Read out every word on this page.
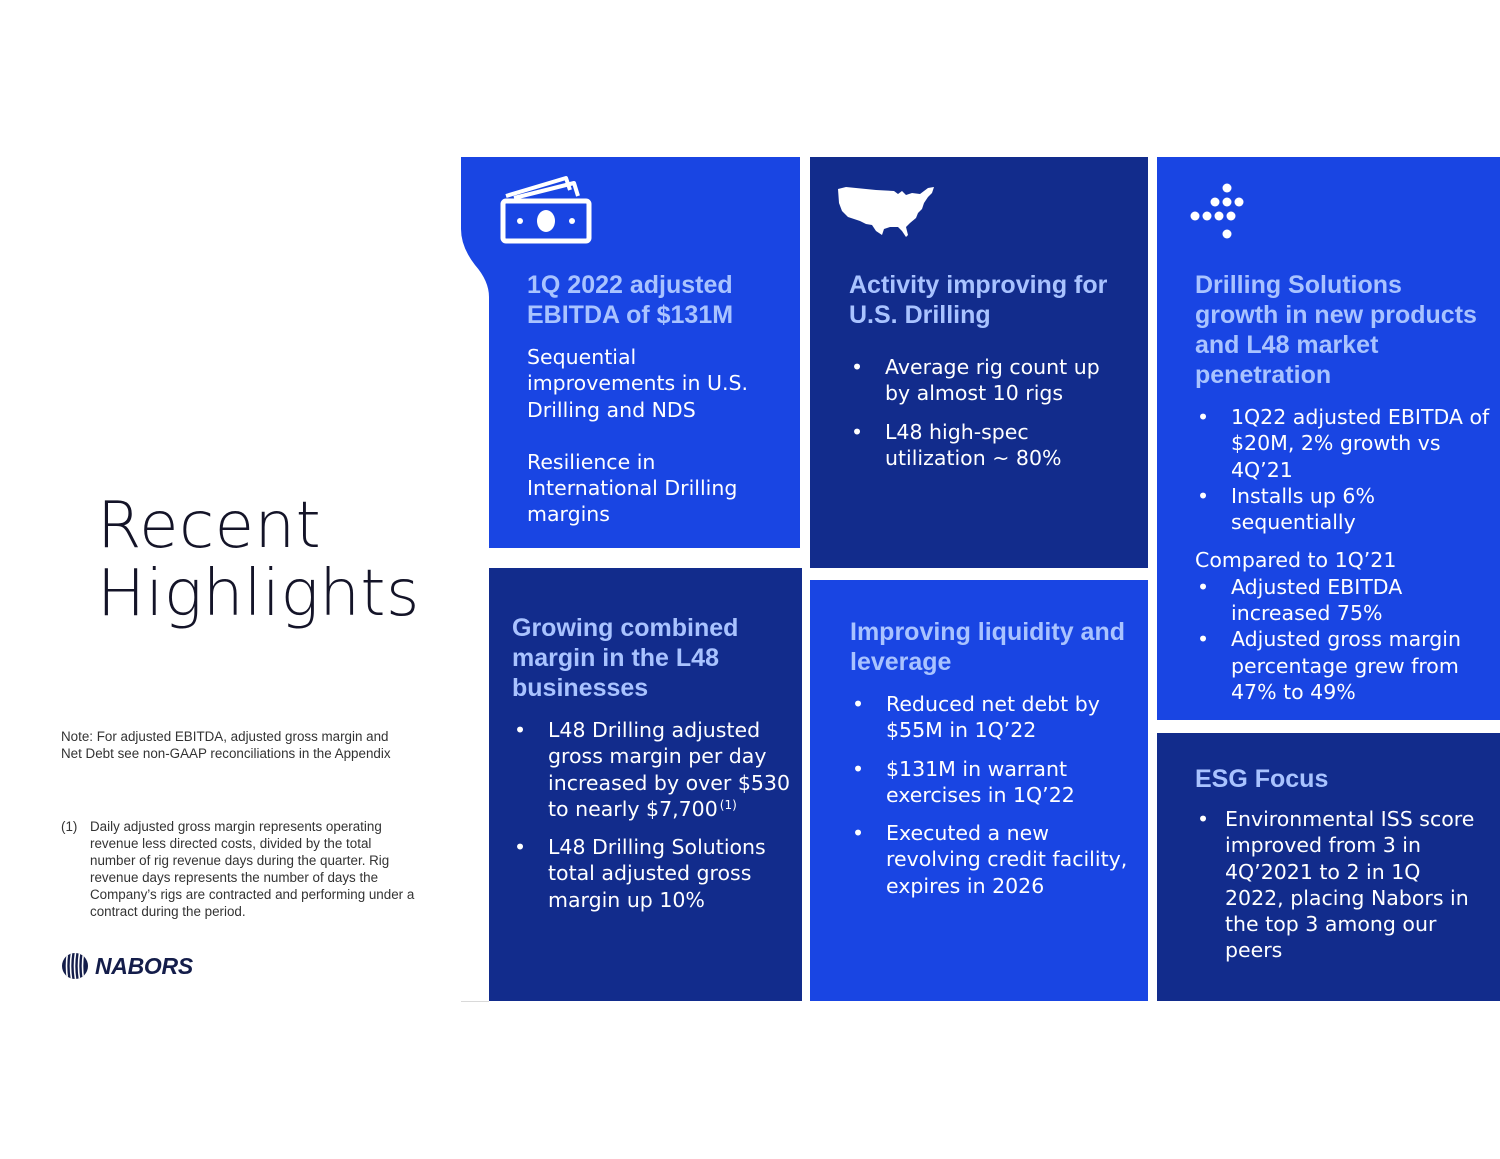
Recent
Highlights

Note: For adjusted EBITDA, adjusted gross margin and Net Debt see non-GAAP reconciliations in the Appendix

(1) Daily adjusted gross margin represents operating revenue less directed costs, divided by the total number of rig revenue days during the quarter. Rig revenue days represents the number of days the Company’s rigs are contracted and performing under a contract during the period.
NABORS
1Q 2022 adjusted EBITDA of $131M

Sequential improvements in U.S. Drilling and NDS

Resilience in International Drilling margins

Activity improving for U.S. Drilling
• Average rig count up by almost 10 rigs
• L48 high-spec utilization ~ 80%
Drilling Solutions growth in new products and L48 market penetration
• 1Q22 adjusted EBITDA of $20M, 2% growth vs 4Q’21
• Installs up 6% sequentially

Compared to 1Q’21

• Adjusted EBITDA increased 75%
• Adjusted gross margin percentage grew from 47% to 49%
Growing combined margin in the L48 businesses
• L48 Drilling adjusted gross margin per day increased by over $530 to nearly $7,700 $^{(1)}$
• L48 Drilling Solutions total adjusted gross margin up 10%
Improving liquidity and leverage
• Reduced net debt by $55M in 1Q’22
• $131M in warrant exercises in 1Q’22
• Executed a new revolving credit facility, expires in 2026
ESG Focus
• Environmental ISS score improved from 3 in 4Q’2021 to 2 in 1Q 2022, placing Nabors in the top 3 among our peers
